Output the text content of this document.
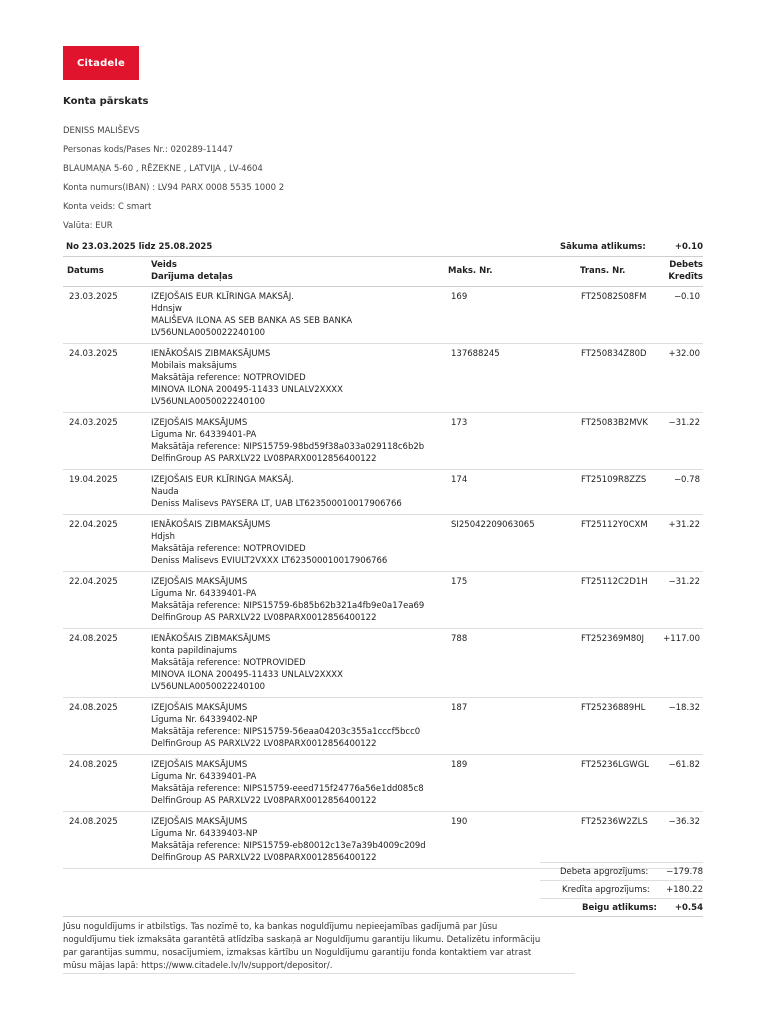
Citadele
Konta pārskats
DENISS MALIŠEVS
Personas kods/Pases Nr.: 020289-11447
BLAUMAŅA 5-60 , RĒZEKNE , LATVIJA , LV-4604
Konta numurs(IBAN) : LV94 PARX 0008 5535 1000 2
Konta veids: C smart
Valūta: EUR
No 23.03.2025 līdz 25.08.2025	Sākuma atlikums:	+0.10
Datums
Veids
Darījuma detaļas
Maks. Nr.	Trans. Nr.
Debets
Kredīts
23.03.2025	IZEJOŠAIS EUR KLĪRINGA MAKSĀJ.
Hdnsjw
MALIŠEVA ILONA AS SEB BANKA AS SEB BANKA
LV56UNLA0050022240100
169	FT25082S08FM	−0.10
24.03.2025	IENĀKOŠAIS ZIBMAKSĀJUMS
Mobilais maksājums
Maksātāja reference: NOTPROVIDED
MINOVA ILONA 200495-11433 UNLALV2XXXX
LV56UNLA0050022240100
137688245	FT250834Z80D	+32.00
24.03.2025	IZEJOŠAIS MAKSĀJUMS
Līguma Nr. 64339401-PA
Maksātāja reference: NIPS15759-98bd59f38a033a029118c6b2b
DelfinGroup AS PARXLV22 LV08PARX0012856400122
173	FT25083B2MVK −31.22
19.04.2025	IZEJOŠAIS EUR KLĪRINGA MAKSĀJ.
Nauda
Deniss Malisevs PAYSERA LT, UAB LT623500010017906766
174	FT25109R8ZZS	−0.78
22.04.2025	IENĀKOŠAIS ZIBMAKSĀJUMS
Hdjsh
Maksātāja reference: NOTPROVIDED
Deniss Malisevs EVIULT2VXXX LT623500010017906766
SI25042209063065	FT25112Y0CXM +31.22
22.04.2025	IZEJOŠAIS MAKSĀJUMS
Līguma Nr. 64339401-PA
Maksātāja reference: NIPS15759-6b85b62b321a4fb9e0a17ea69
DelfinGroup AS PARXLV22 LV08PARX0012856400122
175	FT25112C2D1H −31.22
24.08.2025	IENĀKOŠAIS ZIBMAKSĀJUMS
konta papildinajums
Maksātāja reference: NOTPROVIDED
MINOVA ILONA 200495-11433 UNLALV2XXXX
LV56UNLA0050022240100
788	FT252369M80J +117.00
24.08.2025	IZEJOŠAIS MAKSĀJUMS
Līguma Nr. 64339402-NP
Maksātāja reference: NIPS15759-56eaa04203c355a1cccf5bcc0
DelfinGroup AS PARXLV22 LV08PARX0012856400122
187	FT25236889HL	−18.32
24.08.2025	IZEJOŠAIS MAKSĀJUMS
Līguma Nr. 64339401-PA
Maksātāja reference: NIPS15759-eeed715f24776a56e1dd085c8
DelfinGroup AS PARXLV22 LV08PARX0012856400122
189	FT25236LGWGL −61.82
24.08.2025	IZEJOŠAIS MAKSĀJUMS
Līguma Nr. 64339403-NP
Maksātāja reference: NIPS15759-eb80012c13e7a39b4009c209d
DelfinGroup AS PARXLV22 LV08PARX0012856400122
190	FT25236W2ZLS −36.32
Debeta apgrozījums: −179.78
Kredīta apgrozījums: +180.22
Beigu atlikums: +0.54
Jūsu noguldījums ir atbilstīgs. Tas nozīmē to, ka bankas noguldījumu nepieejamības gadījumā par Jūsu
noguldījumu tiek izmaksāta garantētā atlīdzība saskaņā ar Noguldījumu garantiju likumu. Detalizētu informāciju
par garantijas summu, nosacījumiem, izmaksas kārtību un Noguldījumu garantiju fonda kontaktiem var atrast
mūsu mājas lapā: https://www.citadele.lv/lv/support/depositor/.
